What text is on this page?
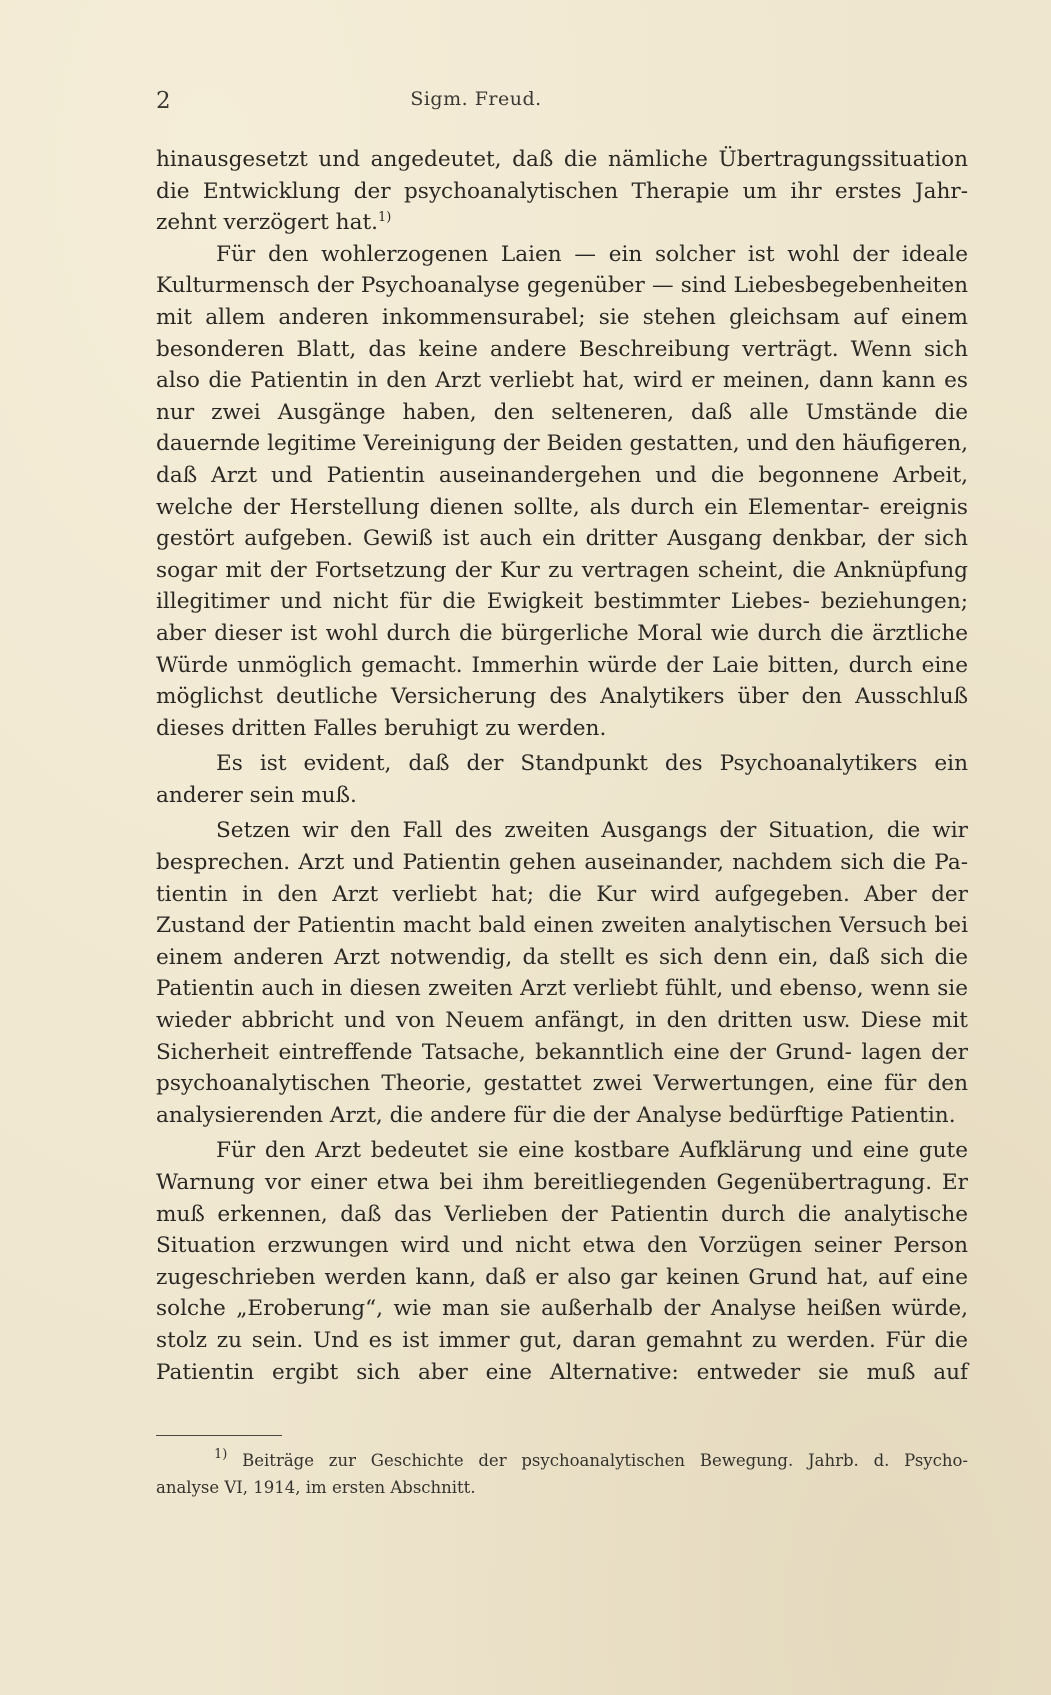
2	Sigm. Freud.

hinausgesetzt und angedeutet, daß die nämliche Übertragungssituation die Entwicklung der psychoanalytischen Therapie um ihr erstes Jahr- zehnt verzögert hat.$^{1)}$

Für den wohlerzogenen Laien — ein solcher ist wohl der ideale Kulturmensch der Psychoanalyse gegenüber — sind Liebesbegebenheiten mit allem anderen inkommensurabel; sie stehen gleichsam auf einem besonderen Blatt, das keine andere Beschreibung verträgt. Wenn sich also die Patientin in den Arzt verliebt hat, wird er meinen, dann kann es nur zwei Ausgänge haben, den selteneren, daß alle Umstände die dauernde legitime Vereinigung der Beiden gestatten, und den häufigeren, daß Arzt und Patientin auseinandergehen und die begonnene Arbeit, welche der Herstellung dienen sollte, als durch ein Elementar- ereignis gestört aufgeben. Gewiß ist auch ein dritter Ausgang denkbar, der sich sogar mit der Fortsetzung der Kur zu vertragen scheint, die Anknüpfung illegitimer und nicht für die Ewigkeit bestimmter Liebes- beziehungen; aber dieser ist wohl durch die bürgerliche Moral wie durch die ärztliche Würde unmöglich gemacht. Immerhin würde der Laie bitten, durch eine möglichst deutliche Versicherung des Analytikers über den Ausschluß dieses dritten Falles beruhigt zu werden.

Es ist evident, daß der Standpunkt des Psychoanalytikers ein anderer sein muß.

Setzen wir den Fall des zweiten Ausgangs der Situation, die wir besprechen. Arzt und Patientin gehen auseinander, nachdem sich die Pa- tientin in den Arzt verliebt hat; die Kur wird aufgegeben. Aber der Zustand der Patientin macht bald einen zweiten analytischen Versuch bei einem anderen Arzt notwendig, da stellt es sich denn ein, daß sich die Patientin auch in diesen zweiten Arzt verliebt fühlt, und ebenso, wenn sie wieder abbricht und von Neuem anfängt, in den dritten usw. Diese mit Sicherheit eintreffende Tatsache, bekanntlich eine der Grund- lagen der psychoanalytischen Theorie, gestattet zwei Verwertungen, eine für den analysierenden Arzt, die andere für die der Analyse bedürftige Patientin.

Für den Arzt bedeutet sie eine kostbare Aufklärung und eine gute Warnung vor einer etwa bei ihm bereitliegenden Gegenübertragung. Er muß erkennen, daß das Verlieben der Patientin durch die analytische Situation erzwungen wird und nicht etwa den Vorzügen seiner Person zugeschrieben werden kann, daß er also gar keinen Grund hat, auf eine solche „Eroberung“, wie man sie außerhalb der Analyse heißen würde, stolz zu sein. Und es ist immer gut, daran gemahnt zu werden. Für die Patientin ergibt sich aber eine Alternative: entweder sie muß auf

$^{1)}$ Beiträge zur Geschichte der psychoanalytischen Bewegung. Jahrb. d. Psycho-
analyse VI, 1914, im ersten Abschnitt.
